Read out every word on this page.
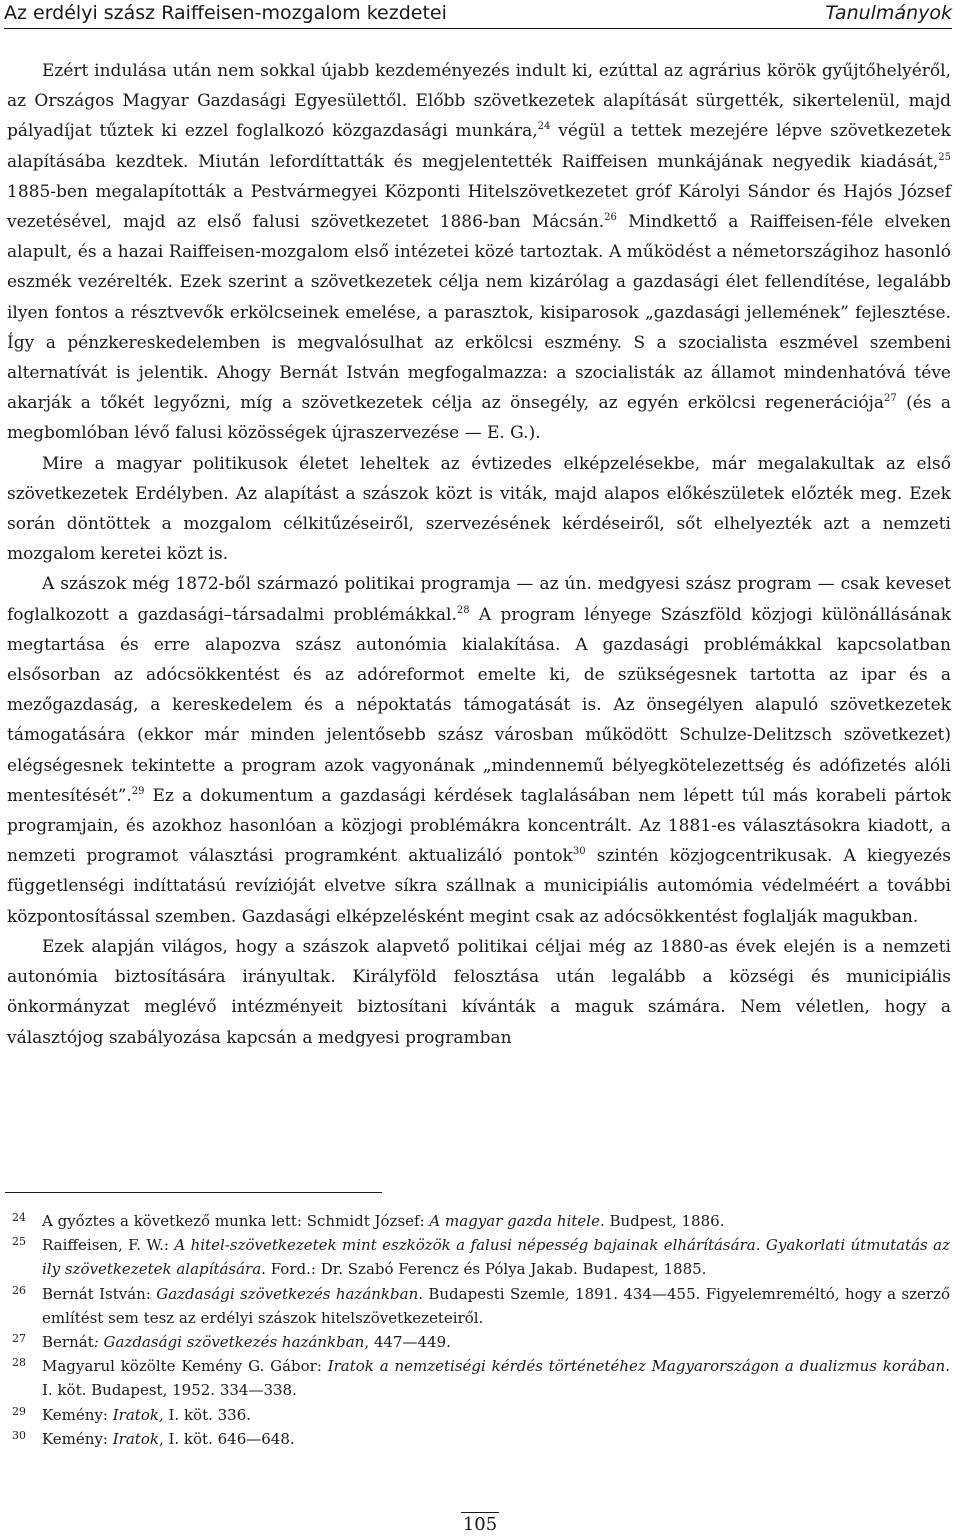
Az erdélyi szász Raiffeisen-mozgalom kezdetei	Tanulmányok

Ezért indulása után nem sokkal újabb kezdeményezés indult ki, ezúttal az agrárius körök gyűjtőhelyéről, az Országos Magyar Gazdasági Egyesülettől. Előbb szövetkezetek alapítását sürgették, sikertelenül, majd pályadíjat tűztek ki ezzel foglalkozó közgazdasági munkára,$^{24}$ végül a tettek mezejére lépve szövetkezetek alapításába kezdtek. Miután lefordíttatták és megjelentették Raiffeisen munkájának negyedik kiadását,$^{25}$ 1885-ben megalapították a Pestvármegyei Központi Hitelszövetkezetet gróf Károlyi Sándor és Hajós József vezetésével, majd az első falusi szövetkezetet 1886-ban Mácsán.$^{26}$ Mindkettő a Raiffeisen-féle elveken alapult, és a hazai Raiffeisen-mozgalom első intézetei közé tartoztak. A működést a németországihoz hasonló eszmék vezérelték. Ezek szerint a szövetkezetek célja nem kizárólag a gazdasági élet fellendítése, legalább ilyen fontos a résztvevők erkölcseinek emelése, a parasztok, kisiparosok „gazdasági jellemének” fejlesztése. Így a pénzkereskedelemben is megvalósulhat az erkölcsi eszmény. S a szocialista eszmével szembeni alternatívát is jelentik. Ahogy Bernát István megfogalmazza: a szocialisták az államot mindenhatóvá téve akarják a tőkét legyőzni, míg a szövetkezetek célja az önsegély, az egyén erkölcsi regenerációja$^{27}$ (és a megbomlóban lévő falusi közösségek újraszervezése — E. G.).

Mire a magyar politikusok életet leheltek az évtizedes elképzelésekbe, már megalakultak az első szövetkezetek Erdélyben. Az alapítást a szászok közt is viták, majd alapos előkészületek előzték meg. Ezek során döntöttek a mozgalom célkitűzéseiről, szervezésének kérdéseiről, sőt elhelyezték azt a nemzeti mozgalom keretei közt is.

A szászok még 1872-ből származó politikai programja — az ún. medgyesi szász program — csak keveset foglalkozott a gazdasági–társadalmi problémákkal.$^{28}$ A program lényege Szászföld közjogi különállásának megtartása és erre alapozva szász autonómia kialakítása. A gazdasági problémákkal kapcsolatban elsősorban az adócsökkentést és az adóreformot emelte ki, de szükségesnek tartotta az ipar és a mezőgazdaság, a kereskedelem és a népoktatás támogatását is. Az önsegélyen alapuló szövetkezetek támogatására (ekkor már minden jelentősebb szász városban működött Schulze-Delitzsch szövetkezet) elégségesnek tekintette a program azok vagyonának „mindennemű bélyegkötelezettség és adófizetés alóli mentesítését”.$^{29}$ Ez a dokumentum a gazdasági kérdések taglalásában nem lépett túl más korabeli pártok programjain, és azokhoz hasonlóan a közjogi problémákra koncentrált. Az 1881-es választásokra kiadott, a nemzeti programot választási programként aktualizáló pontok$^{30}$ szintén közjogcentrikusak. A kiegyezés függetlenségi indíttatású revízióját elvetve síkra szállnak a municipiális automómia védelméért a további központosítással szemben. Gazdasági elképzelésként megint csak az adócsökkentést foglalják magukban.

Ezek alapján világos, hogy a szászok alapvető politikai céljai még az 1880-as évek elején is a nemzeti autonómia biztosítására irányultak. Királyföld felosztása után legalább a községi és municipiális önkormányzat meglévő intézményeit biztosítani kívánták a maguk számára. Nem véletlen, hogy a választójog szabályozása kapcsán a medgyesi programban

24 A győztes a következő munka lett: Schmidt József: A magyar gazda hitele. Budpest, 1886.
25 Raiffeisen, F. W.: A hitel-szövetkezetek mint eszközök a falusi népesség bajainak elhárítására. Gyakorlati útmutatás az ily szövetkezetek alapítására. Ford.: Dr. Szabó Ferencz és Pólya Jakab. Budapest, 1885.
26 Bernát István: Gazdasági szövetkezés hazánkban. Budapesti Szemle, 1891. 434—455. Figyelemreméltó, hogy a szerző említést sem tesz az erdélyi szászok hitelszövetkezeteiről.
27 Bernát: Gazdasági szövetkezés hazánkban, 447—449.
28 Magyarul közölte Kemény G. Gábor: Iratok a nemzetiségi kérdés történetéhez Magyarországon a dualizmus korában. I. köt. Budapest, 1952. 334—338.
29 Kemény: Iratok, I. köt. 336.
30 Kemény: Iratok, I. köt. 646—648.
105
